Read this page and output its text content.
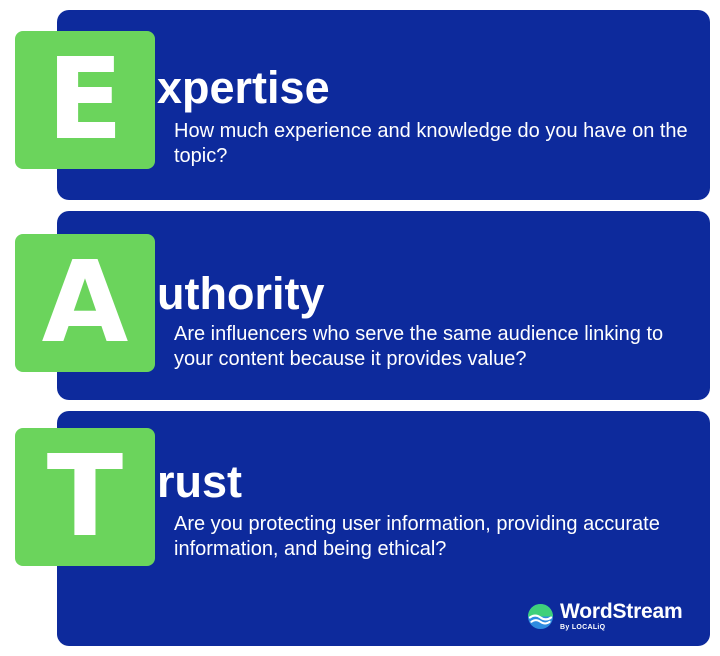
E xpertise
How much experience and knowledge do you have on the topic?
A uthority
Are influencers who serve the same audience linking to your content because it provides value?
T rust
Are you protecting user information, providing accurate information, and being ethical?
WordStream
By LOCALiQ
